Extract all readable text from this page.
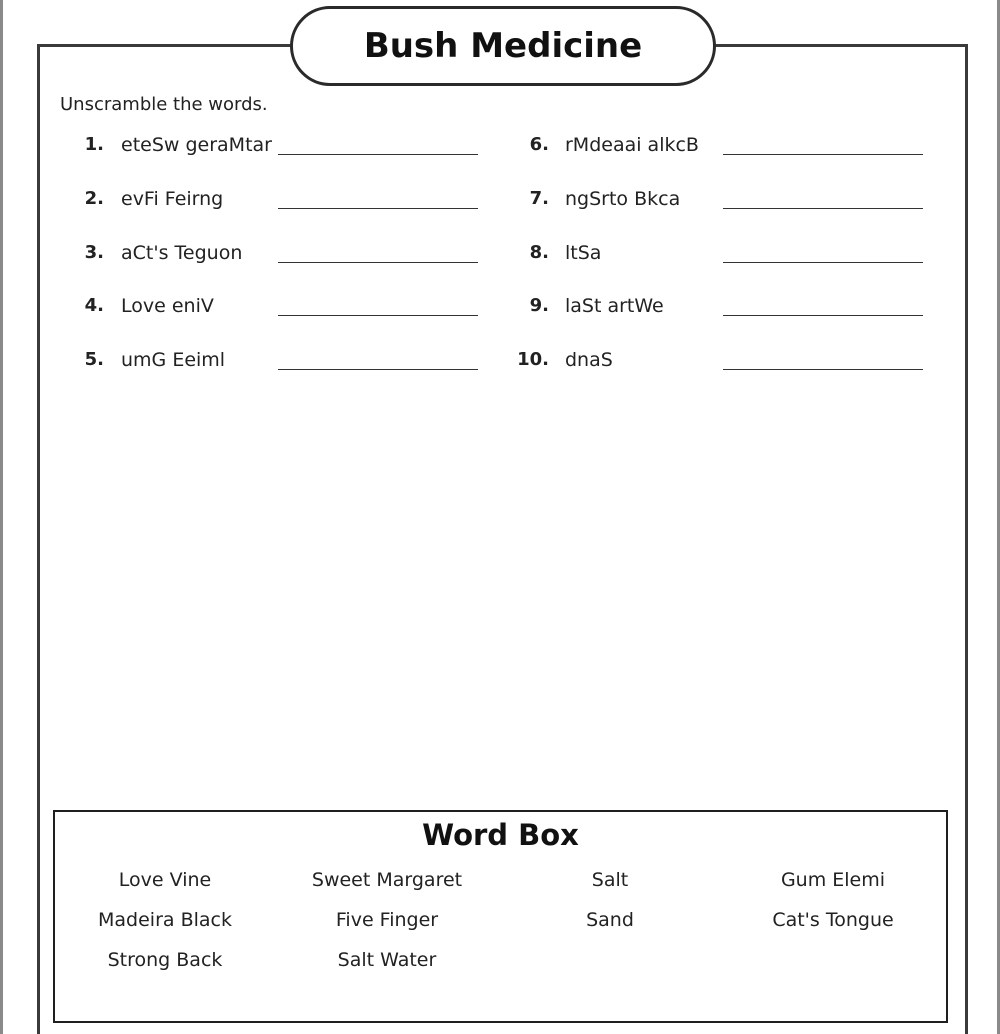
Bush Medicine
Unscramble the words.
1. eteSw geraMtar
2. evFi Feirng
3. aCt's Teguon
4. Love eniV
5. umG Eeiml
6. rMdeaai alkcB
7. ngSrto Bkca
8. ltSa
9. laSt artWe
10. dnaS
Word Box
Love Vine	Sweet Margaret	Salt	Gum Elemi
Madeira Black	Five Finger	Sand	Cat's Tongue
Strong Back	Salt Water
